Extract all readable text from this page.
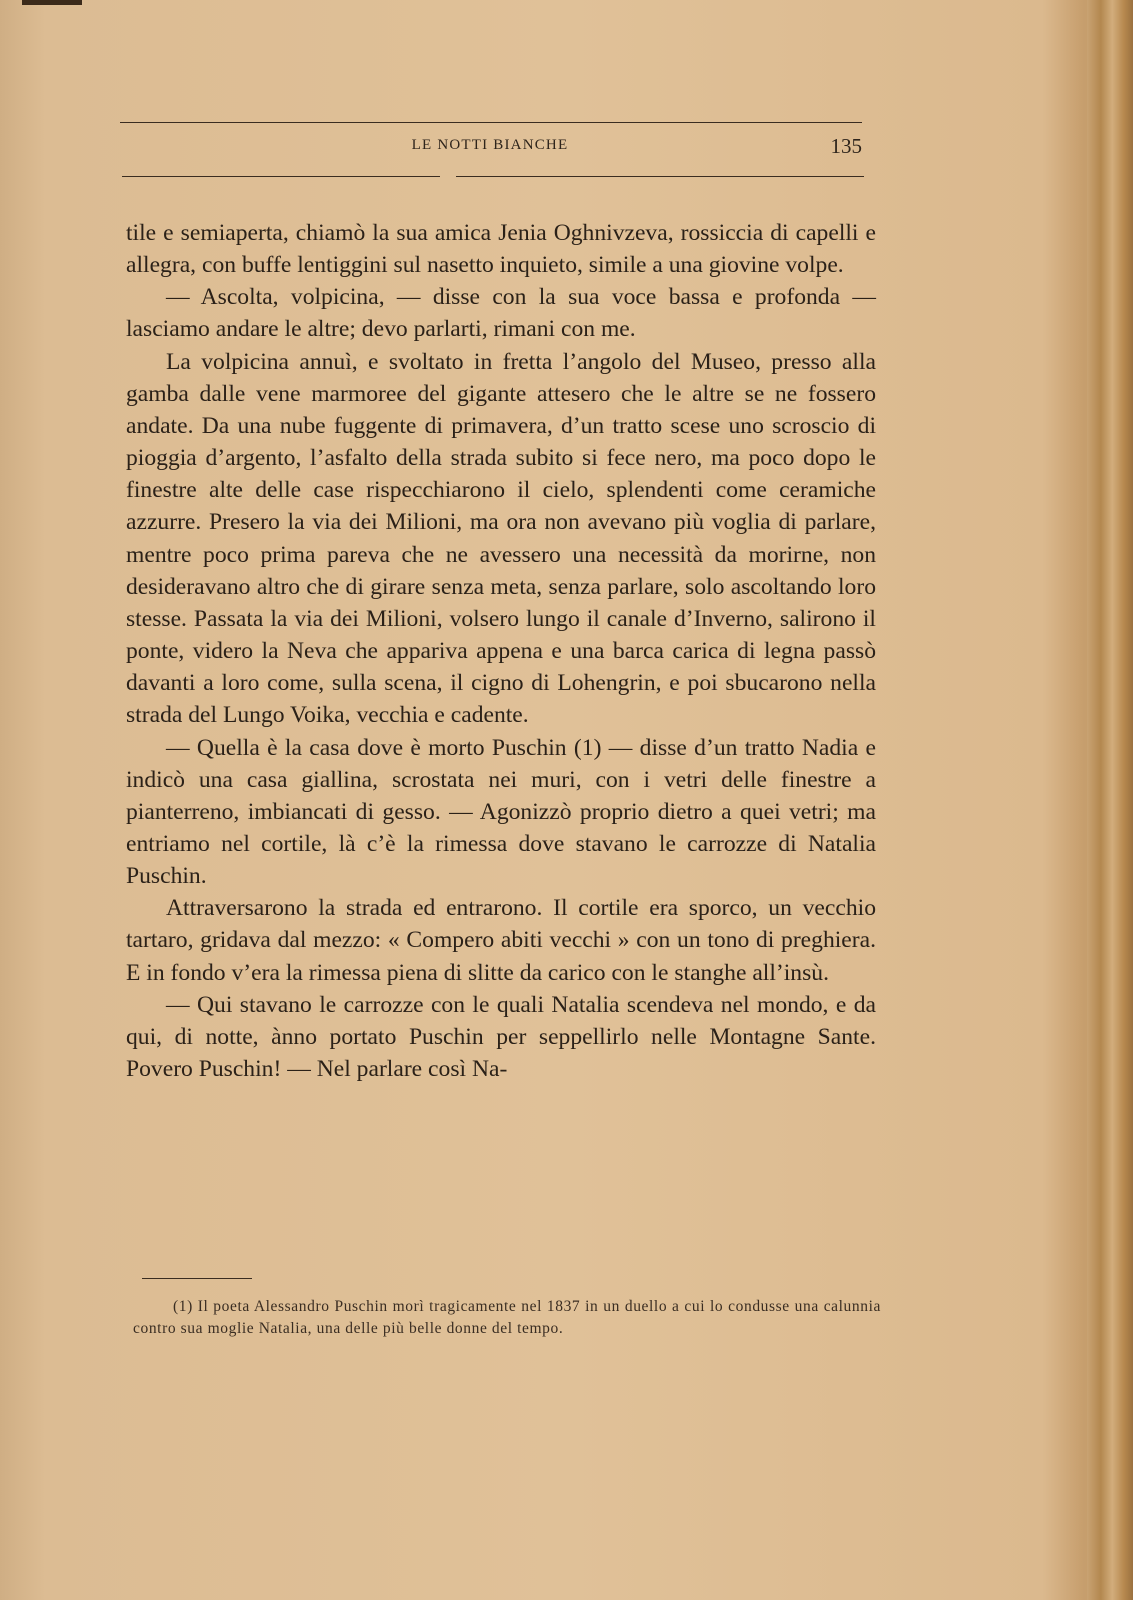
LE NOTTI BIANCHE	135

tile e semiaperta, chiamò la sua amica Jenia Oghnivzeva, rossiccia di capelli e allegra, con buffe lentiggini sul nasetto inquieto, simile a una giovine volpe.

— Ascolta, volpicina, — disse con la sua voce bassa e profonda — lasciamo andare le altre; devo parlarti, rimani con me.

La volpicina annuì, e svoltato in fretta l’angolo del Museo, presso alla gamba dalle vene marmoree del gigante attesero che le altre se ne fossero andate. Da una nube fuggente di primavera, d’un tratto scese uno scroscio di pioggia d’argento, l’asfalto della strada subito si fece nero, ma poco dopo le finestre alte delle case rispecchiarono il cielo, splendenti come ceramiche azzurre. Presero la via dei Milioni, ma ora non avevano più voglia di parlare, mentre poco prima pareva che ne avessero una necessità da morirne, non desideravano altro che di girare senza meta, senza parlare, solo ascoltando loro stesse. Passata la via dei Milioni, volsero lungo il canale d’Inverno, salirono il ponte, videro la Neva che appariva appena e una barca carica di legna passò davanti a loro come, sulla scena, il cigno di Lohengrin, e poi sbucarono nella strada del Lungo Voika, vecchia e cadente.

— Quella è la casa dove è morto Puschin (1) — disse d’un tratto Nadia e indicò una casa giallina, scrostata nei muri, con i vetri delle finestre a pianterreno, imbiancati di gesso. — Agonizzò proprio dietro a quei vetri; ma entriamo nel cortile, là c’è la rimessa dove stavano le carrozze di Natalia Puschin.

Attraversarono la strada ed entrarono. Il cortile era sporco, un vecchio tartaro, gridava dal mezzo: « Compero abiti vecchi » con un tono di preghiera. E in fondo v’era la rimessa piena di slitte da carico con le stanghe all’insù.

— Qui stavano le carrozze con le quali Natalia scendeva nel mondo, e da qui, di notte, ànno portato Puschin per seppellirlo nelle Montagne Sante. Povero Puschin! — Nel parlare così Na-

(1) Il poeta Alessandro Puschin morì tragicamente nel 1837 in un duello a cui lo condusse una calunnia contro sua moglie Natalia, una delle più belle donne del tempo.
